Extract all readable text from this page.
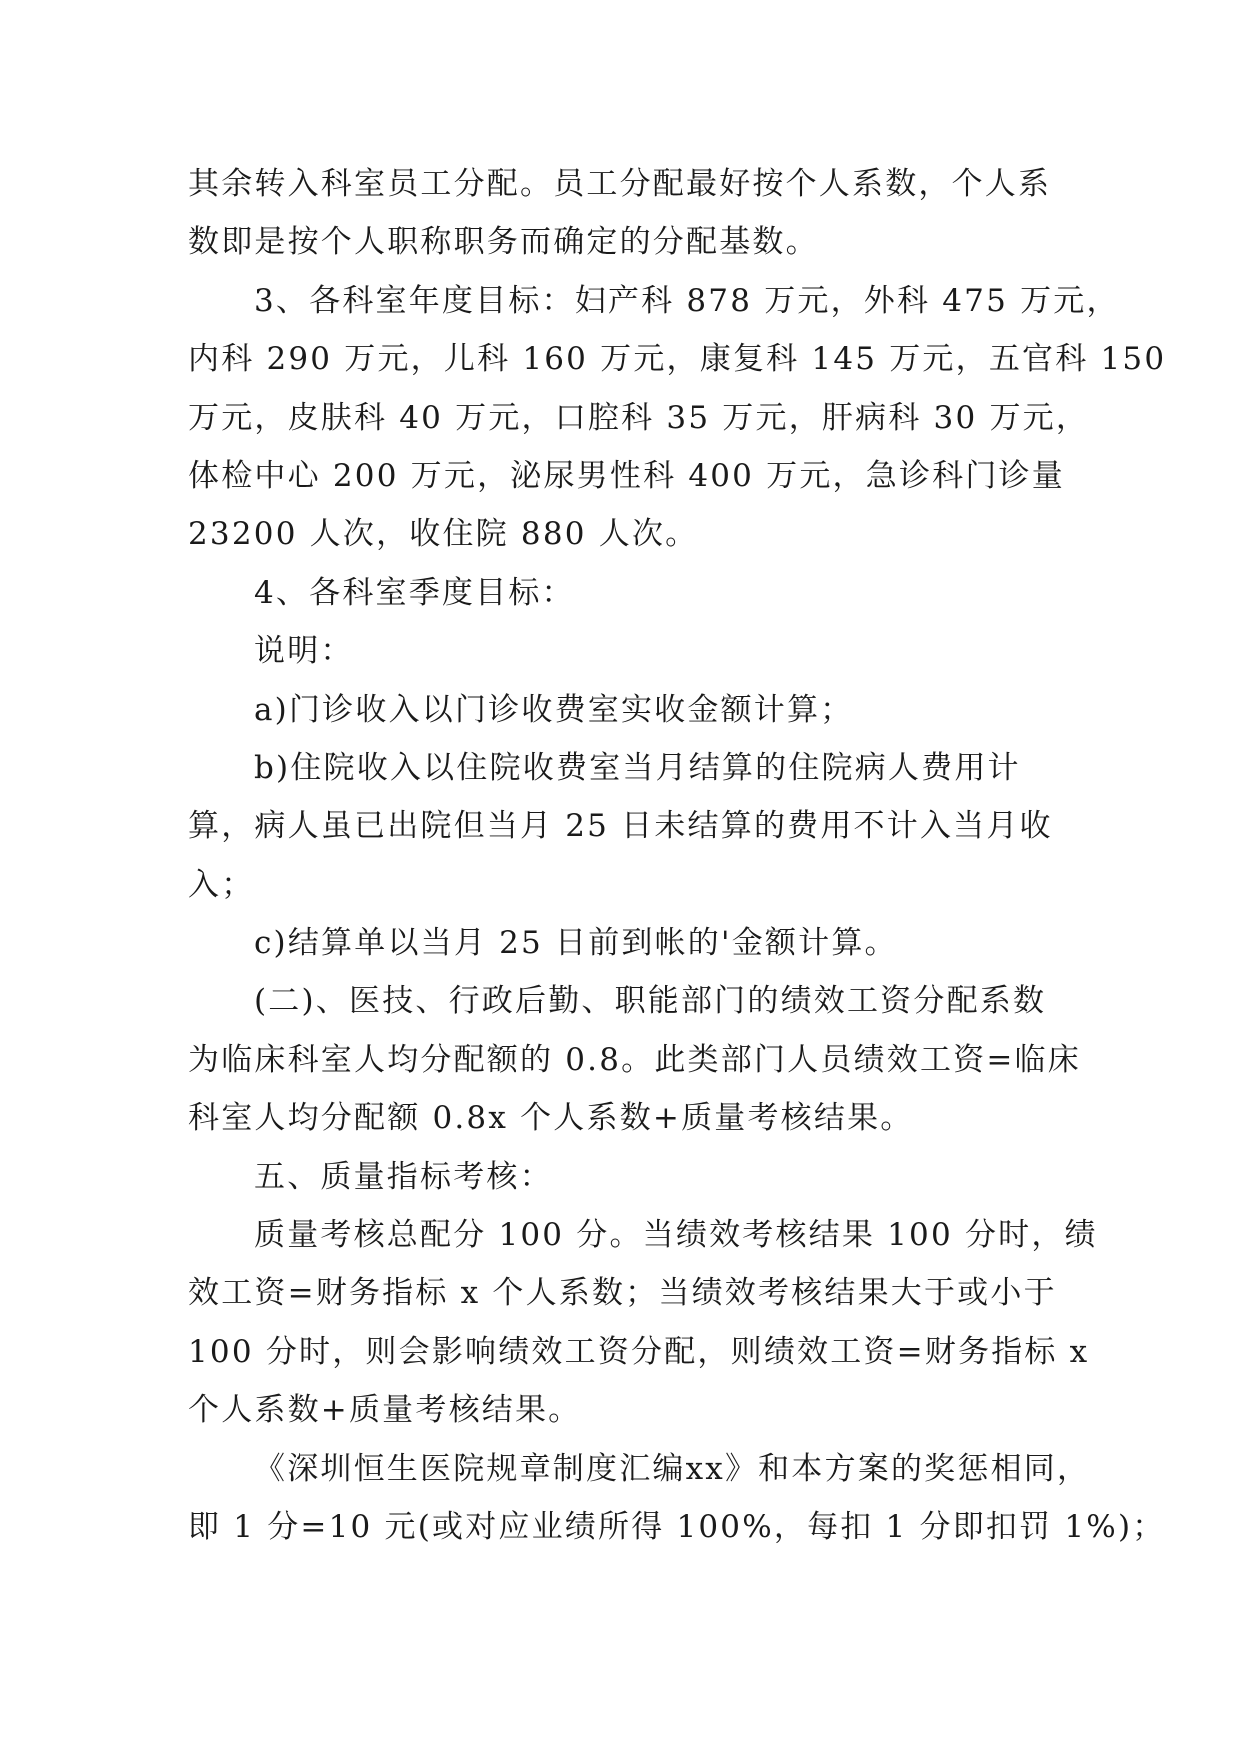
其余转入科室员工分配。员工分配最好按个人系数，个人系
数即是按个人职称职务而确定的分配基数。
3、各科室年度目标：妇产科 878 万元，外科 475 万元，
内科 290 万元，儿科 160 万元，康复科 145 万元，五官科 150
万元，皮肤科 40 万元，口腔科 35 万元，肝病科 30 万元，
体检中心 200 万元，泌尿男性科 400 万元，急诊科门诊量
23200 人次，收住院 880 人次。
4、各科室季度目标：
说明：
a)门诊收入以门诊收费室实收金额计算；
b)住院收入以住院收费室当月结算的住院病人费用计
算，病人虽已出院但当月 25 日未结算的费用不计入当月收
入；
c)结算单以当月 25 日前到帐的'金额计算。
(二)、医技、行政后勤、职能部门的绩效工资分配系数
为临床科室人均分配额的 0.8。此类部门人员绩效工资=临床
科室人均分配额 0.8x 个人系数+质量考核结果。
五、质量指标考核：
质量考核总配分 100 分。当绩效考核结果 100 分时，绩
效工资=财务指标 x 个人系数；当绩效考核结果大于或小于
100 分时，则会影响绩效工资分配，则绩效工资=财务指标 x
个人系数+质量考核结果。
《深圳恒生医院规章制度汇编xx》和本方案的奖惩相同，
即 1 分=10 元(或对应业绩所得 100%，每扣 1 分即扣罚 1%)；
